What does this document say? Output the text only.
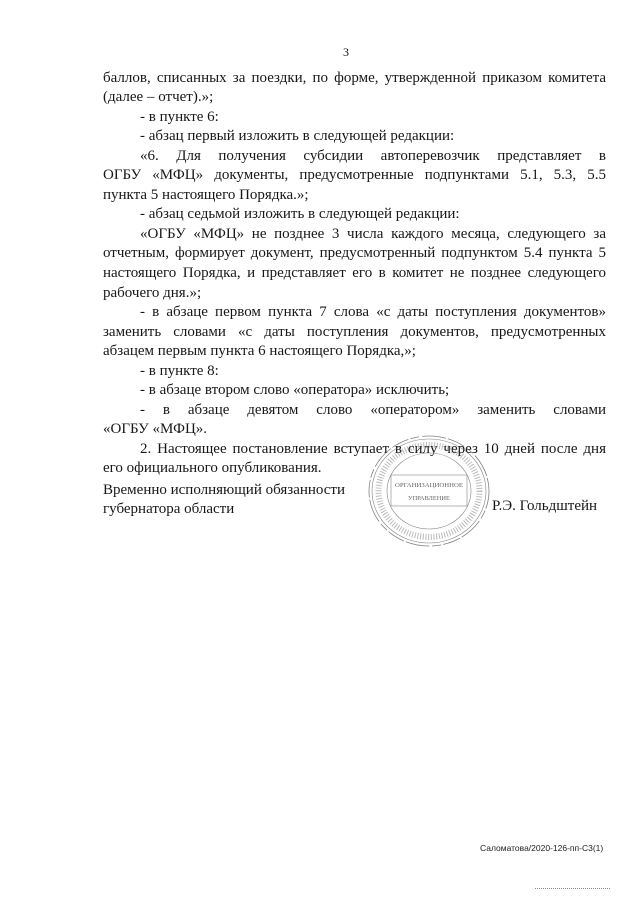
3
баллов, списанных за поездки, по форме, утвержденной приказом комитета
(далее – отчет).»;
- в пункте 6:
- абзац первый изложить в следующей редакции:
«6. Для получения субсидии автоперевозчик представляет в
ОГБУ «МФЦ» документы, предусмотренные подпунктами 5.1, 5.3, 5.5
пункта 5 настоящего Порядка.»;
- абзац седьмой изложить в следующей редакции:
«ОГБУ «МФЦ» не позднее 3 числа каждого месяца, следующего за
отчетным, формирует документ, предусмотренный подпунктом 5.4 пункта 5
настоящего Порядка, и представляет его в комитет не позднее следующего
рабочего дня.»;
- в абзаце первом пункта 7 слова «с даты поступления документов»
заменить словами «с даты поступления документов, предусмотренных
абзацем первым пункта 6 настоящего Порядка,»;
- в пункте 8:
- в абзаце втором слово «оператора» исключить;
- в абзаце девятом слово «оператором» заменить словами
«ОГБУ «МФЦ».
2. Настоящее постановление вступает в силу через 10 дней после дня
его официального опубликования.
Временно исполняющий обязанности
губернатора области
ОРГАНИЗАЦИОННОЕ
УПРАВЛЕНИЕ	Р.Э. Гольдштейн
Саломатова/2020-126-пп-С3(1)
